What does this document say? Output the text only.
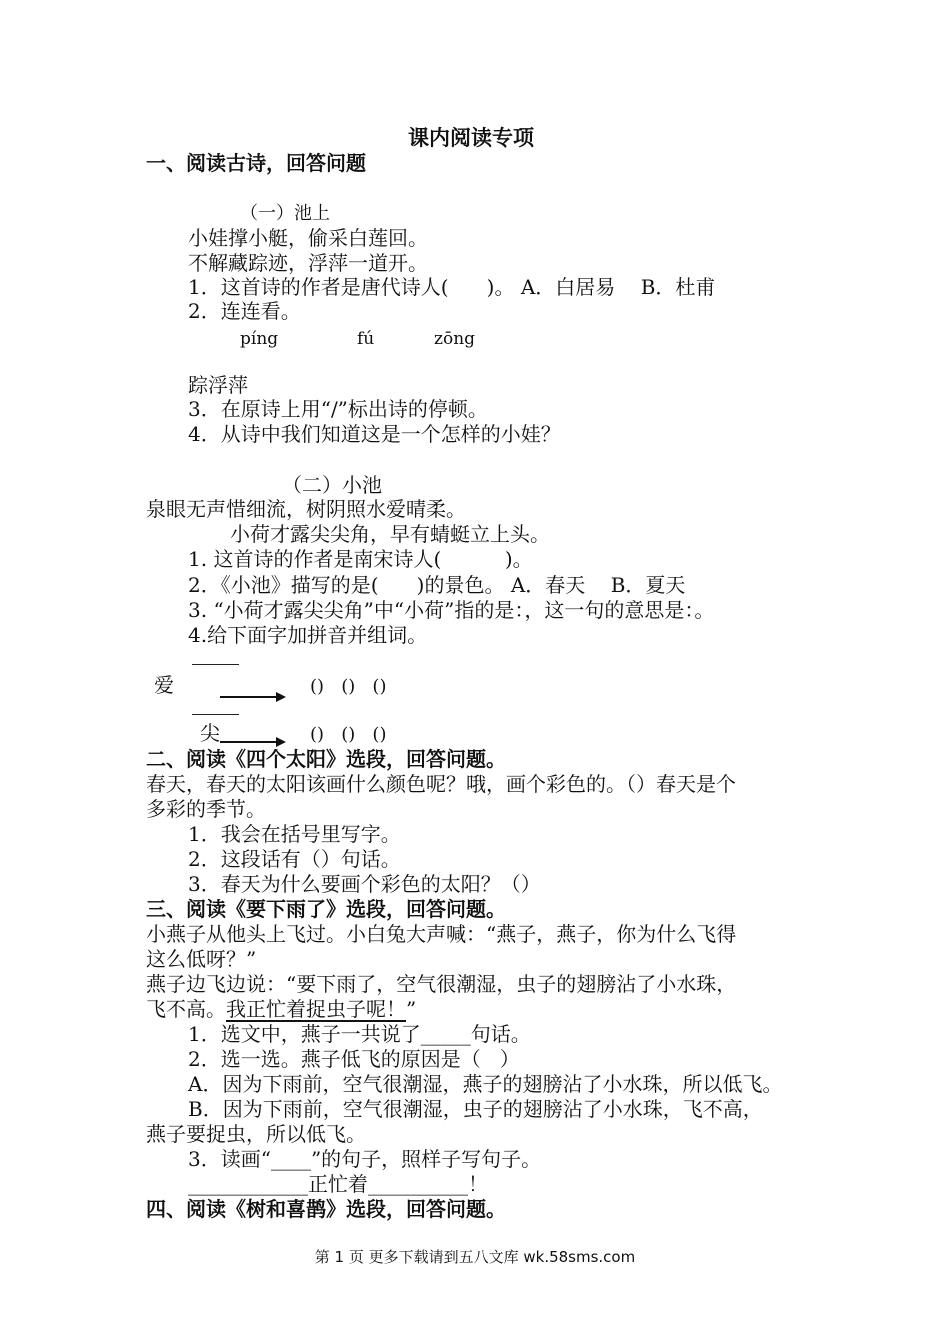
课内阅读专项
一、阅读古诗，回答问题
（一）池上
小娃撑小艇，偷采白莲回。
不解藏踪迹，浮萍一道开。
1．这首诗的作者是唐代诗人(      )。 A．白居易    B．杜甫
2．连连看。
píng	fú	zōng
踪浮萍
3．在原诗上用“/”标出诗的停顿。
4．从诗中我们知道这是一个怎样的小娃？
（二）小池
泉眼无声惜细流，树阴照水爱晴柔。
小荷才露尖尖角，早有蜻蜓立上头。
1. 这首诗的作者是南宋诗人(          )。
2．《小池》描写的是(      )的景色。 A．春天    B．夏天
3. “小荷才露尖尖角”中“小荷”指的是：，这一句的意思是：。
4.给下面字加拼音并组词。
爱	()   ()   ()
尖	()   ()   ()
二、阅读《四个太阳》选段，回答问题。
春天，春天的太阳该画什么颜色呢？哦，画个彩色的。（）春天是个
多彩的季节。
1．我会在括号里写字。
2．这段话有（）句话。
3．春天为什么要画个彩色的太阳？（）
三、阅读《要下雨了》选段，回答问题。
小燕子从他头上飞过。小白兔大声喊：“燕子，燕子，你为什么飞得
这么低呀？”
燕子边飞边说：“要下雨了，空气很潮湿，虫子的翅膀沾了小水珠，
飞不高。我正忙着捉虫子呢！”
1．选文中，燕子一共说了_____句话。
2．选一选。燕子低飞的原因是（   ）
A．因为下雨前，空气很潮湿，燕子的翅膀沾了小水珠，所以低飞。
B．因为下雨前，空气很潮湿，虫子的翅膀沾了小水珠，飞不高，
燕子要捉虫，所以低飞。
3．读画“____”的句子，照样子写句子。
____________正忙着__________！
四、阅读《树和喜鹊》选段，回答问题。
第 1 页 更多下载请到五八文库 wk.58sms.com
